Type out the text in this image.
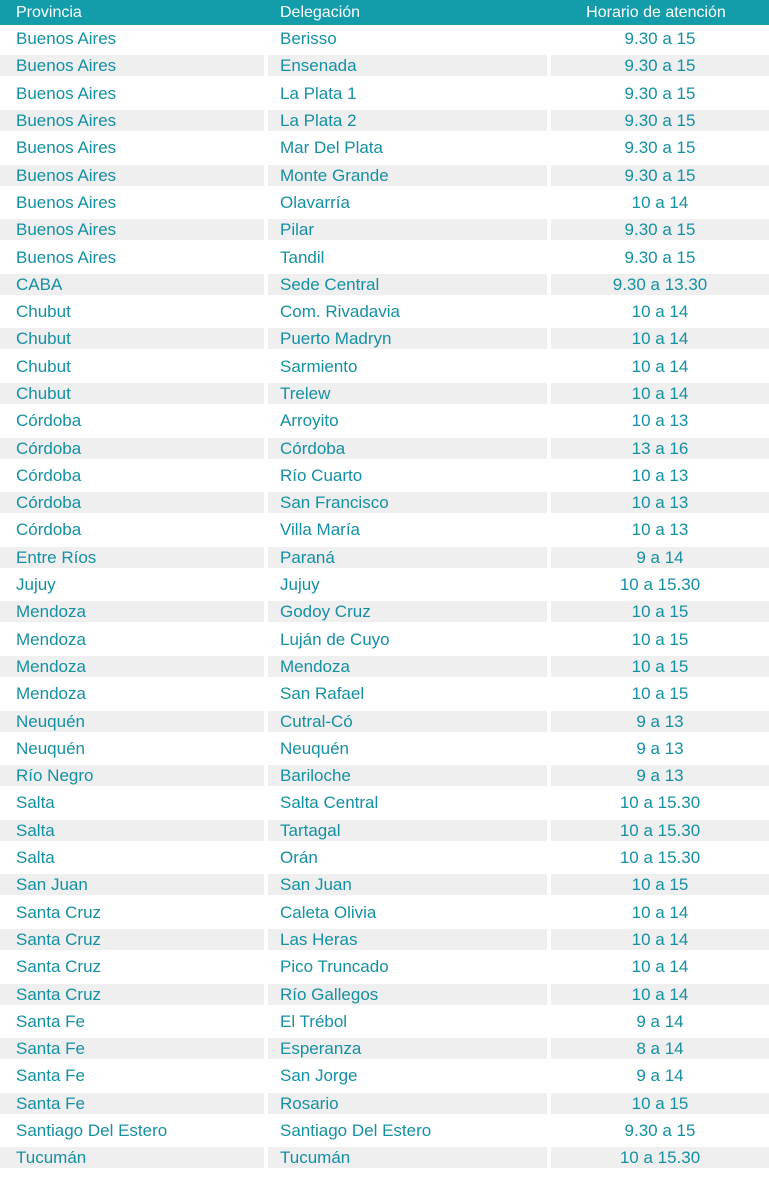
Provincia	Delegación	Horario de atención
Buenos Aires	Berisso	9.30 a 15
Buenos Aires	Ensenada	9.30 a 15
Buenos Aires	La Plata 1	9.30 a 15
Buenos Aires	La Plata 2	9.30 a 15
Buenos Aires	Mar Del Plata	9.30 a 15
Buenos Aires	Monte Grande	9.30 a 15
Buenos Aires	Olavarría	10 a 14
Buenos Aires	Pilar	9.30 a 15
Buenos Aires	Tandil	9.30 a 15
CABA	Sede Central	9.30 a 13.30
Chubut	Com. Rivadavia	10 a 14
Chubut	Puerto Madryn	10 a 14
Chubut	Sarmiento	10 a 14
Chubut	Trelew	10 a 14
Córdoba	Arroyito	10 a 13
Córdoba	Córdoba	13 a 16
Córdoba	Río Cuarto	10 a 13
Córdoba	San Francisco	10 a 13
Córdoba	Villa María	10 a 13
Entre Ríos	Paraná	9 a 14
Jujuy	Jujuy	10 a 15.30
Mendoza	Godoy Cruz	10 a 15
Mendoza	Luján de Cuyo	10 a 15
Mendoza	Mendoza	10 a 15
Mendoza	San Rafael	10 a 15
Neuquén	Cutral-Có	9 a 13
Neuquén	Neuquén	9 a 13
Río Negro	Bariloche	9 a 13
Salta	Salta Central	10 a 15.30
Salta	Tartagal	10 a 15.30
Salta	Orán	10 a 15.30
San Juan	San Juan	10 a 15
Santa Cruz	Caleta Olivia	10 a 14
Santa Cruz	Las Heras	10 a 14
Santa Cruz	Pico Truncado	10 a 14
Santa Cruz	Río Gallegos	10 a 14
Santa Fe	El Trébol	9 a 14
Santa Fe	Esperanza	8 a 14
Santa Fe	San Jorge	9 a 14
Santa Fe	Rosario	10 a 15
Santiago Del Estero	Santiago Del Estero	9.30 a 15
Tucumán	Tucumán	10 a 15.30
